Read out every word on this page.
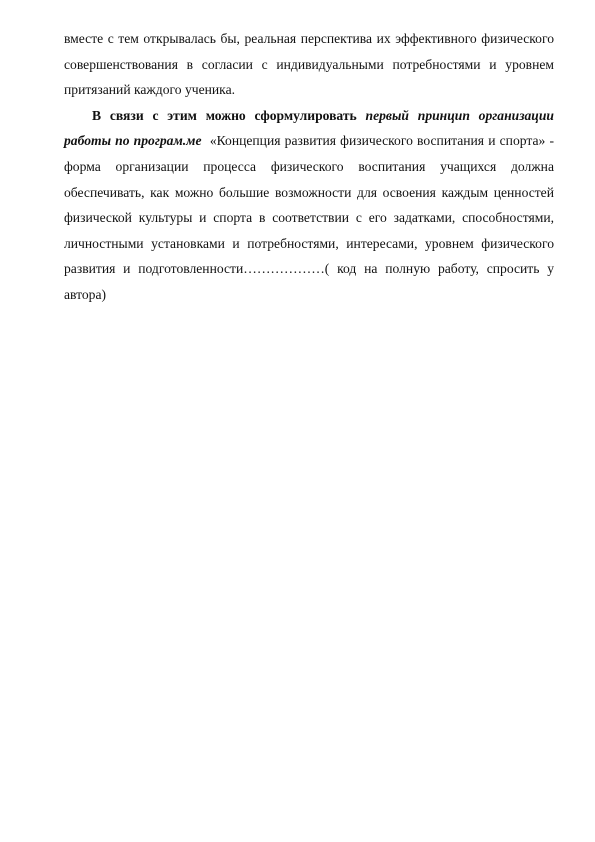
вместе с тем открывалась бы, реальная перспектива их эффективного физического совершенствования в согласии с индивидуальными потребностями и уровнем притязаний каждого ученика.

В связи с этим можно сформулировать первый принцип организации работы по програм.ме «Концепция развития физического воспитания и спорта» - форма организации процесса физического воспитания учащихся должна обеспечивать, как можно большие возможности для освоения каждым ценностей физической культуры и спорта в соответствии с его задатками, способностями, личностными установками и потребностями, интересами, уровнем физического развития и подготовленности………………( код на полную работу, спросить у автора)
